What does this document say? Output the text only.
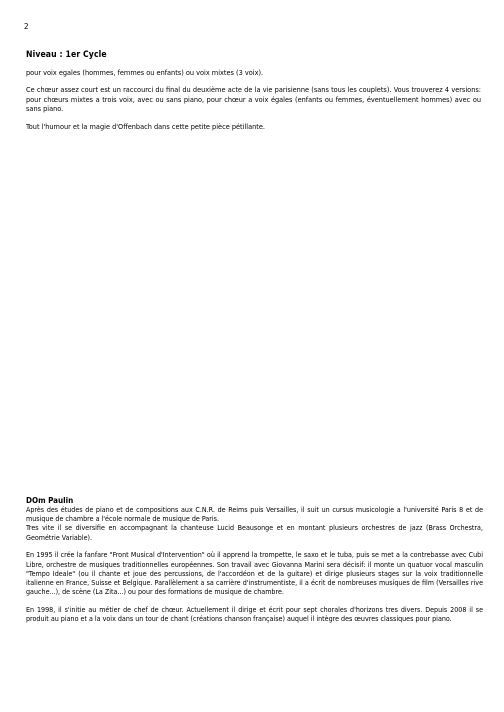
2
Niveau : 1er Cycle

pour voix egales (hommes, femmes ou enfants) ou voix mixtes (3 voix).

Ce chœur assez court est un raccourci du final du deuxième acte de la vie parisienne (sans tous les couplets). Vous trouverez 4 versions: pour chœurs mixtes a trois voix, avec ou sans piano, pour chœur a voix égales (enfants ou femmes, éventuellement hommes) avec ou sans piano.

Tout l'humour et la magie d'Offenbach dans cette petite pièce pétillante.

DOm Paulin

Après des études de piano et de compositions aux C.N.R. de Reims puis Versailles, il suit un cursus musicologie a l'université Paris 8 et de musique de chambre a l'école normale de musique de Paris.
Tres vite il se diversifie en accompagnant la chanteuse Lucid Beausonge et en montant plusieurs orchestres de jazz (Brass Orchestra, Geométrie Variable).

En 1995 il crée la fanfare "Front Musical d'Intervention" où il apprend la trompette, le saxo et le tuba, puis se met a la contrebasse avec Cubi Libre, orchestre de musiques traditionnelles européennes. Son travail avec Giovanna Marini sera décisif: il monte un quatuor vocal masculin "Tempo Ideale" (ou il chante et joue des percussions, de l'accordéon et de la guitare) et dirige plusieurs stages sur la voix traditionnelle italienne en France, Suisse et Belgique. Parallèlement a sa carrière d'instrumentiste, il a écrit de nombreuses musiques de film (Versailles rive gauche...), de scène (La Zita...) ou pour des formations de musique de chambre.

En 1998, il s'initie au métier de chef de chœur. Actuellement il dirige et écrit pour sept chorales d'horizons tres divers. Depuis 2008 il se produit au piano et a la voix dans un tour de chant (créations chanson française) auquel il intègre des œuvres classiques pour piano.
